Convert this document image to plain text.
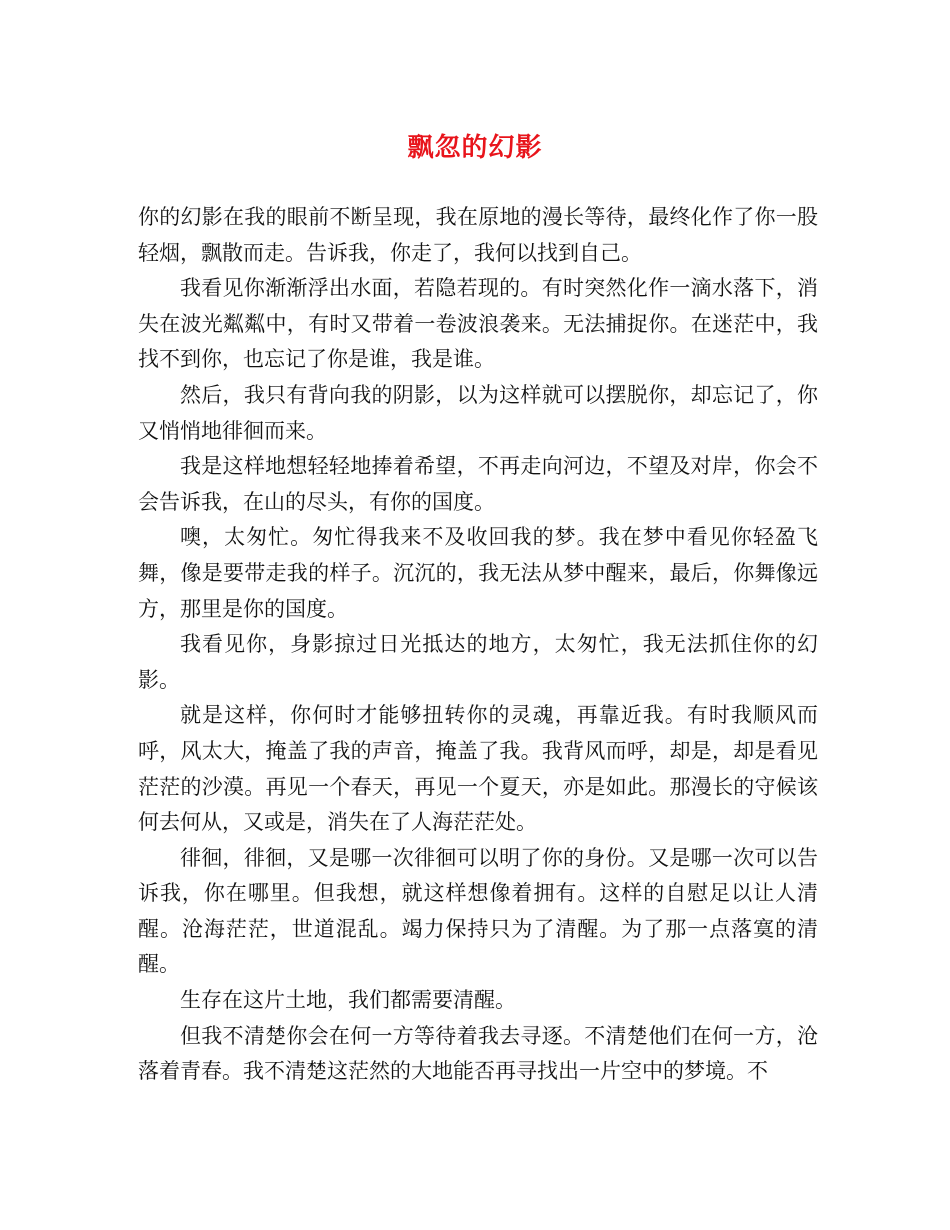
飘忽的幻影

你的幻影在我的眼前不断呈现，我在原地的漫长等待，最终化作了你一股轻烟，飘散而走。告诉我，你走了，我何以找到自己。

我看见你渐渐浮出水面，若隐若现的。有时突然化作一滴水落下，消失在波光粼粼中，有时又带着一卷波浪袭来。无法捕捉你。在迷茫中，我找不到你，也忘记了你是谁，我是谁。

然后，我只有背向我的阴影，以为这样就可以摆脱你，却忘记了，你又悄悄地徘徊而来。

我是这样地想轻轻地捧着希望，不再走向河边，不望及对岸，你会不会告诉我，在山的尽头，有你的国度。

噢，太匆忙。匆忙得我来不及收回我的梦。我在梦中看见你轻盈飞舞，像是要带走我的样子。沉沉的，我无法从梦中醒来，最后，你舞像远方，那里是你的国度。

我看见你，身影掠过日光抵达的地方，太匆忙，我无法抓住你的幻影。

就是这样，你何时才能够扭转你的灵魂，再靠近我。有时我顺风而呼，风太大，掩盖了我的声音，掩盖了我。我背风而呼，却是，却是看见茫茫的沙漠。再见一个春天，再见一个夏天，亦是如此。那漫长的守候该何去何从，又或是，消失在了人海茫茫处。

徘徊，徘徊，又是哪一次徘徊可以明了你的身份。又是哪一次可以告诉我，你在哪里。但我想，就这样想像着拥有。这样的自慰足以让人清醒。沧海茫茫，世道混乱。竭力保持只为了清醒。为了那一点落寞的清醒。

生存在这片土地，我们都需要清醒。

但我不清楚你会在何一方等待着我去寻逐。不清楚他们在何一方，沧落着青春。我不清楚这茫然的大地能否再寻找出一片空中的梦境。不
